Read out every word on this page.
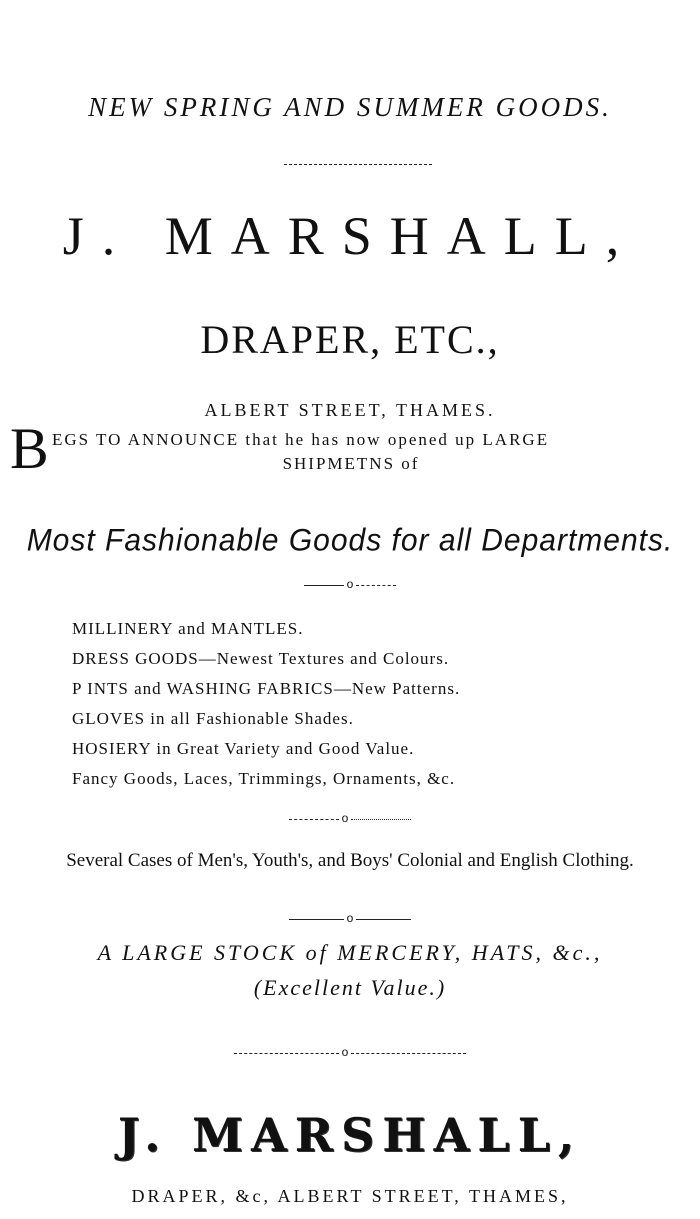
NEW SPRING AND SUMMER GOODS.
J. MARSHALL,
DRAPER, ETC.,
ALBERT STREET, THAMES.
B EGS TO ANNOUNCE that he has now opened up LARGE
SHIPMETNS of
Most Fashionable Goods for all Departments.
o
MILLINERY and MANTLES.
DRESS GOODS—Newest Textures and Colours.
P INTS and WASHING FABRICS—New Patterns.
GLOVES in all Fashionable Shades.
HOSIERY in Great Variety and Good Value.
Fancy Goods, Laces, Trimmings, Ornaments, &c.
o
Several Cases of Men's, Youth's, and Boys' Colonial and English Clothing.
o
A LARGE STOCK of MERCERY, HATS, &c.,
(Excellent Value.)
o
J. MARSHALL,
DRAPER, &c, ALBERT STREET, THAMES,
